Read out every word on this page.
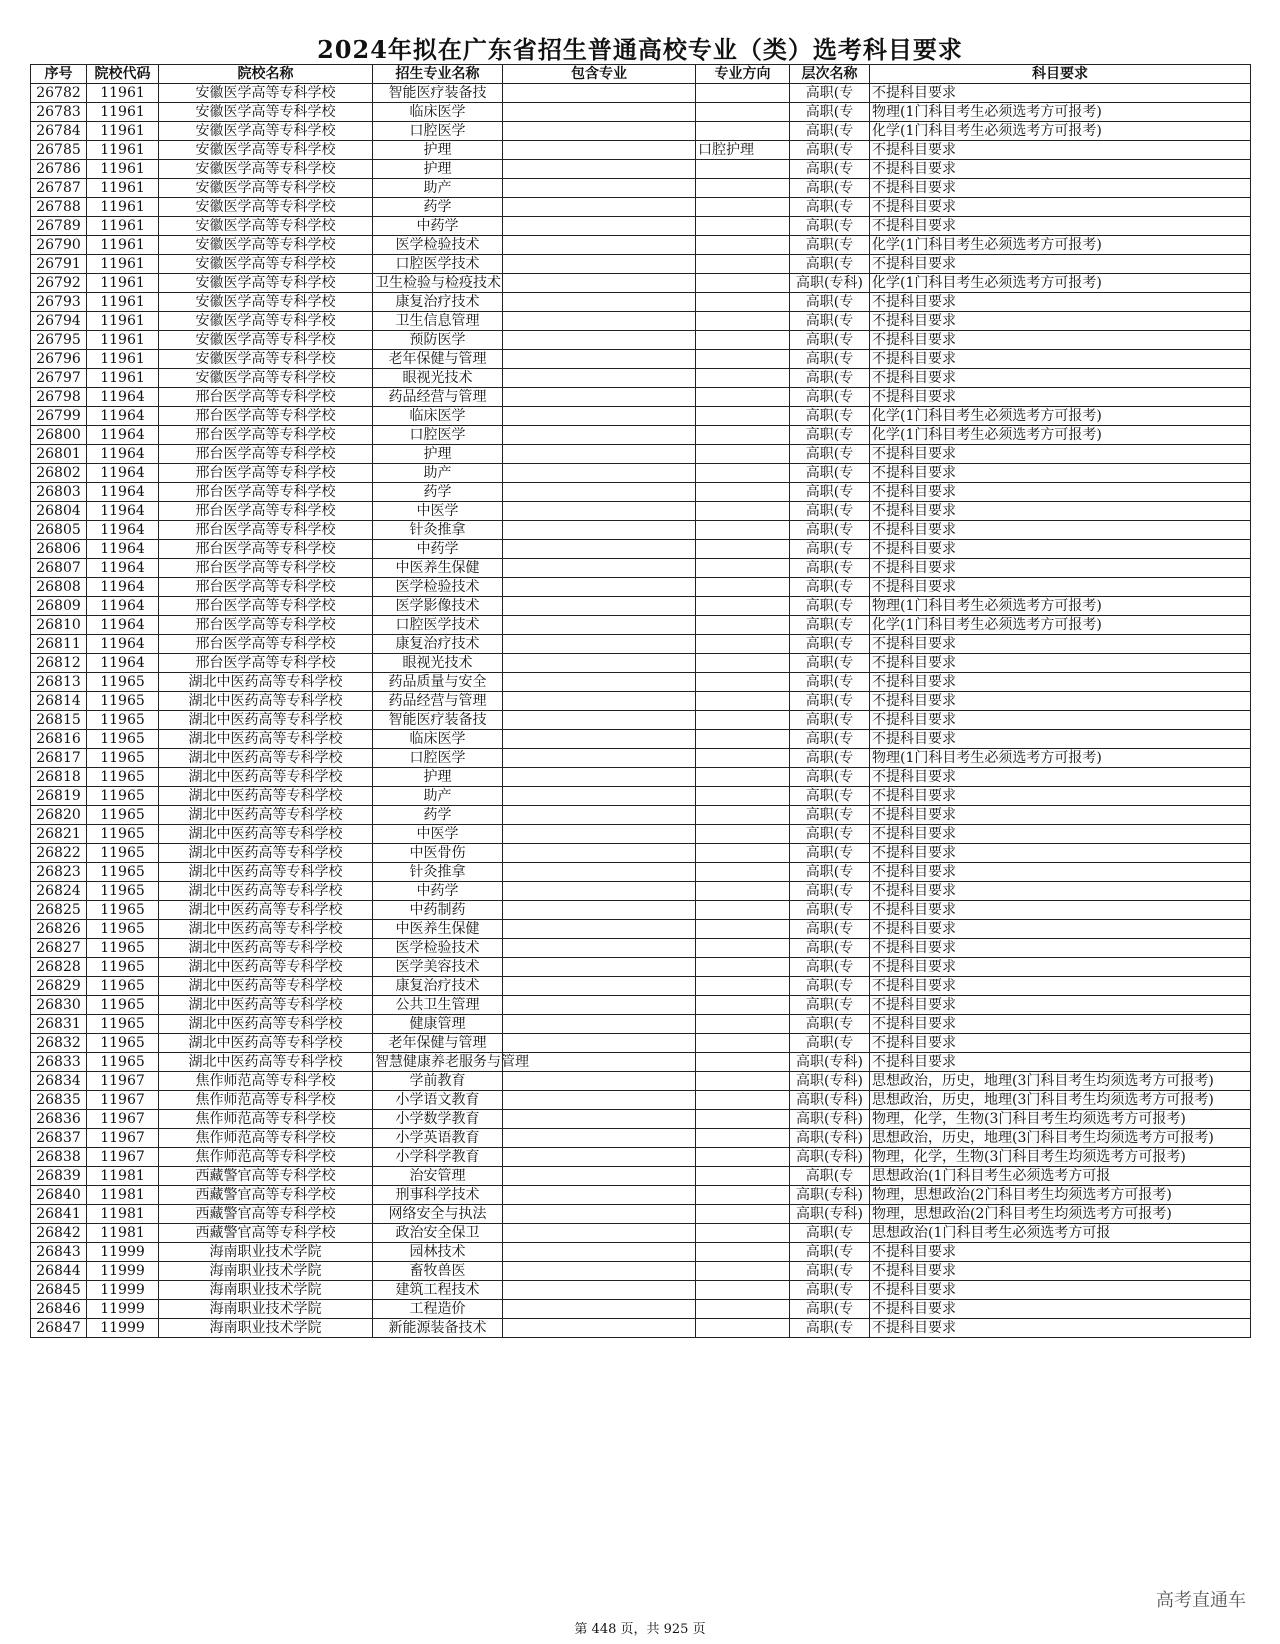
2024年拟在广东省招生普通高校专业（类）选考科目要求
序号	院校代码	院校名称	招生专业名称	包含专业	专业方向	层次名称	科目要求
26782	11961	安徽医学高等专科学校	智能医疗装备技			高职(专	不提科目要求
26783	11961	安徽医学高等专科学校	临床医学			高职(专	物理(1门科目考生必须选考方可报考)
26784	11961	安徽医学高等专科学校	口腔医学			高职(专	化学(1门科目考生必须选考方可报考)
26785	11961	安徽医学高等专科学校	护理		口腔护理	高职(专	不提科目要求
26786	11961	安徽医学高等专科学校	护理			高职(专	不提科目要求
26787	11961	安徽医学高等专科学校	助产			高职(专	不提科目要求
26788	11961	安徽医学高等专科学校	药学			高职(专	不提科目要求
26789	11961	安徽医学高等专科学校	中药学			高职(专	不提科目要求
26790	11961	安徽医学高等专科学校	医学检验技术			高职(专	化学(1门科目考生必须选考方可报考)
26791	11961	安徽医学高等专科学校	口腔医学技术			高职(专	不提科目要求
26792	11961	安徽医学高等专科学校	卫生检验与检疫技术			高职(专科)	化学(1门科目考生必须选考方可报考)
26793	11961	安徽医学高等专科学校	康复治疗技术			高职(专	不提科目要求
26794	11961	安徽医学高等专科学校	卫生信息管理			高职(专	不提科目要求
26795	11961	安徽医学高等专科学校	预防医学			高职(专	不提科目要求
26796	11961	安徽医学高等专科学校	老年保健与管理			高职(专	不提科目要求
26797	11961	安徽医学高等专科学校	眼视光技术			高职(专	不提科目要求
26798	11964	邢台医学高等专科学校	药品经营与管理			高职(专	不提科目要求
26799	11964	邢台医学高等专科学校	临床医学			高职(专	化学(1门科目考生必须选考方可报考)
26800	11964	邢台医学高等专科学校	口腔医学			高职(专	化学(1门科目考生必须选考方可报考)
26801	11964	邢台医学高等专科学校	护理			高职(专	不提科目要求
26802	11964	邢台医学高等专科学校	助产			高职(专	不提科目要求
26803	11964	邢台医学高等专科学校	药学			高职(专	不提科目要求
26804	11964	邢台医学高等专科学校	中医学			高职(专	不提科目要求
26805	11964	邢台医学高等专科学校	针灸推拿			高职(专	不提科目要求
26806	11964	邢台医学高等专科学校	中药学			高职(专	不提科目要求
26807	11964	邢台医学高等专科学校	中医养生保健			高职(专	不提科目要求
26808	11964	邢台医学高等专科学校	医学检验技术			高职(专	不提科目要求
26809	11964	邢台医学高等专科学校	医学影像技术			高职(专	物理(1门科目考生必须选考方可报考)
26810	11964	邢台医学高等专科学校	口腔医学技术			高职(专	化学(1门科目考生必须选考方可报考)
26811	11964	邢台医学高等专科学校	康复治疗技术			高职(专	不提科目要求
26812	11964	邢台医学高等专科学校	眼视光技术			高职(专	不提科目要求
26813	11965	湖北中医药高等专科学校	药品质量与安全			高职(专	不提科目要求
26814	11965	湖北中医药高等专科学校	药品经营与管理			高职(专	不提科目要求
26815	11965	湖北中医药高等专科学校	智能医疗装备技			高职(专	不提科目要求
26816	11965	湖北中医药高等专科学校	临床医学			高职(专	不提科目要求
26817	11965	湖北中医药高等专科学校	口腔医学			高职(专	物理(1门科目考生必须选考方可报考)
26818	11965	湖北中医药高等专科学校	护理			高职(专	不提科目要求
26819	11965	湖北中医药高等专科学校	助产			高职(专	不提科目要求
26820	11965	湖北中医药高等专科学校	药学			高职(专	不提科目要求
26821	11965	湖北中医药高等专科学校	中医学			高职(专	不提科目要求
26822	11965	湖北中医药高等专科学校	中医骨伤			高职(专	不提科目要求
26823	11965	湖北中医药高等专科学校	针灸推拿			高职(专	不提科目要求
26824	11965	湖北中医药高等专科学校	中药学			高职(专	不提科目要求
26825	11965	湖北中医药高等专科学校	中药制药			高职(专	不提科目要求
26826	11965	湖北中医药高等专科学校	中医养生保健			高职(专	不提科目要求
26827	11965	湖北中医药高等专科学校	医学检验技术			高职(专	不提科目要求
26828	11965	湖北中医药高等专科学校	医学美容技术			高职(专	不提科目要求
26829	11965	湖北中医药高等专科学校	康复治疗技术			高职(专	不提科目要求
26830	11965	湖北中医药高等专科学校	公共卫生管理			高职(专	不提科目要求
26831	11965	湖北中医药高等专科学校	健康管理			高职(专	不提科目要求
26832	11965	湖北中医药高等专科学校	老年保健与管理			高职(专	不提科目要求
26833	11965	湖北中医药高等专科学校	智慧健康养老服务与管理			高职(专科)	不提科目要求
26834	11967	焦作师范高等专科学校	学前教育			高职(专科)	思想政治，历史，地理(3门科目考生均须选考方可报考)
26835	11967	焦作师范高等专科学校	小学语文教育			高职(专科)	思想政治，历史，地理(3门科目考生均须选考方可报考)
26836	11967	焦作师范高等专科学校	小学数学教育			高职(专科)	物理，化学，生物(3门科目考生均须选考方可报考)
26837	11967	焦作师范高等专科学校	小学英语教育			高职(专科)	思想政治，历史，地理(3门科目考生均须选考方可报考)
26838	11967	焦作师范高等专科学校	小学科学教育			高职(专科)	物理，化学，生物(3门科目考生均须选考方可报考)
26839	11981	西藏警官高等专科学校	治安管理			高职(专	思想政治(1门科目考生必须选考方可报
26840	11981	西藏警官高等专科学校	刑事科学技术			高职(专科)	物理，思想政治(2门科目考生均须选考方可报考)
26841	11981	西藏警官高等专科学校	网络安全与执法			高职(专科)	物理，思想政治(2门科目考生均须选考方可报考)
26842	11981	西藏警官高等专科学校	政治安全保卫			高职(专	思想政治(1门科目考生必须选考方可报
26843	11999	海南职业技术学院	园林技术			高职(专	不提科目要求
26844	11999	海南职业技术学院	畜牧兽医			高职(专	不提科目要求
26845	11999	海南职业技术学院	建筑工程技术			高职(专	不提科目要求
26846	11999	海南职业技术学院	工程造价			高职(专	不提科目要求
26847	11999	海南职业技术学院	新能源装备技术			高职(专	不提科目要求
高考直通车
第 448 页，共 925 页
